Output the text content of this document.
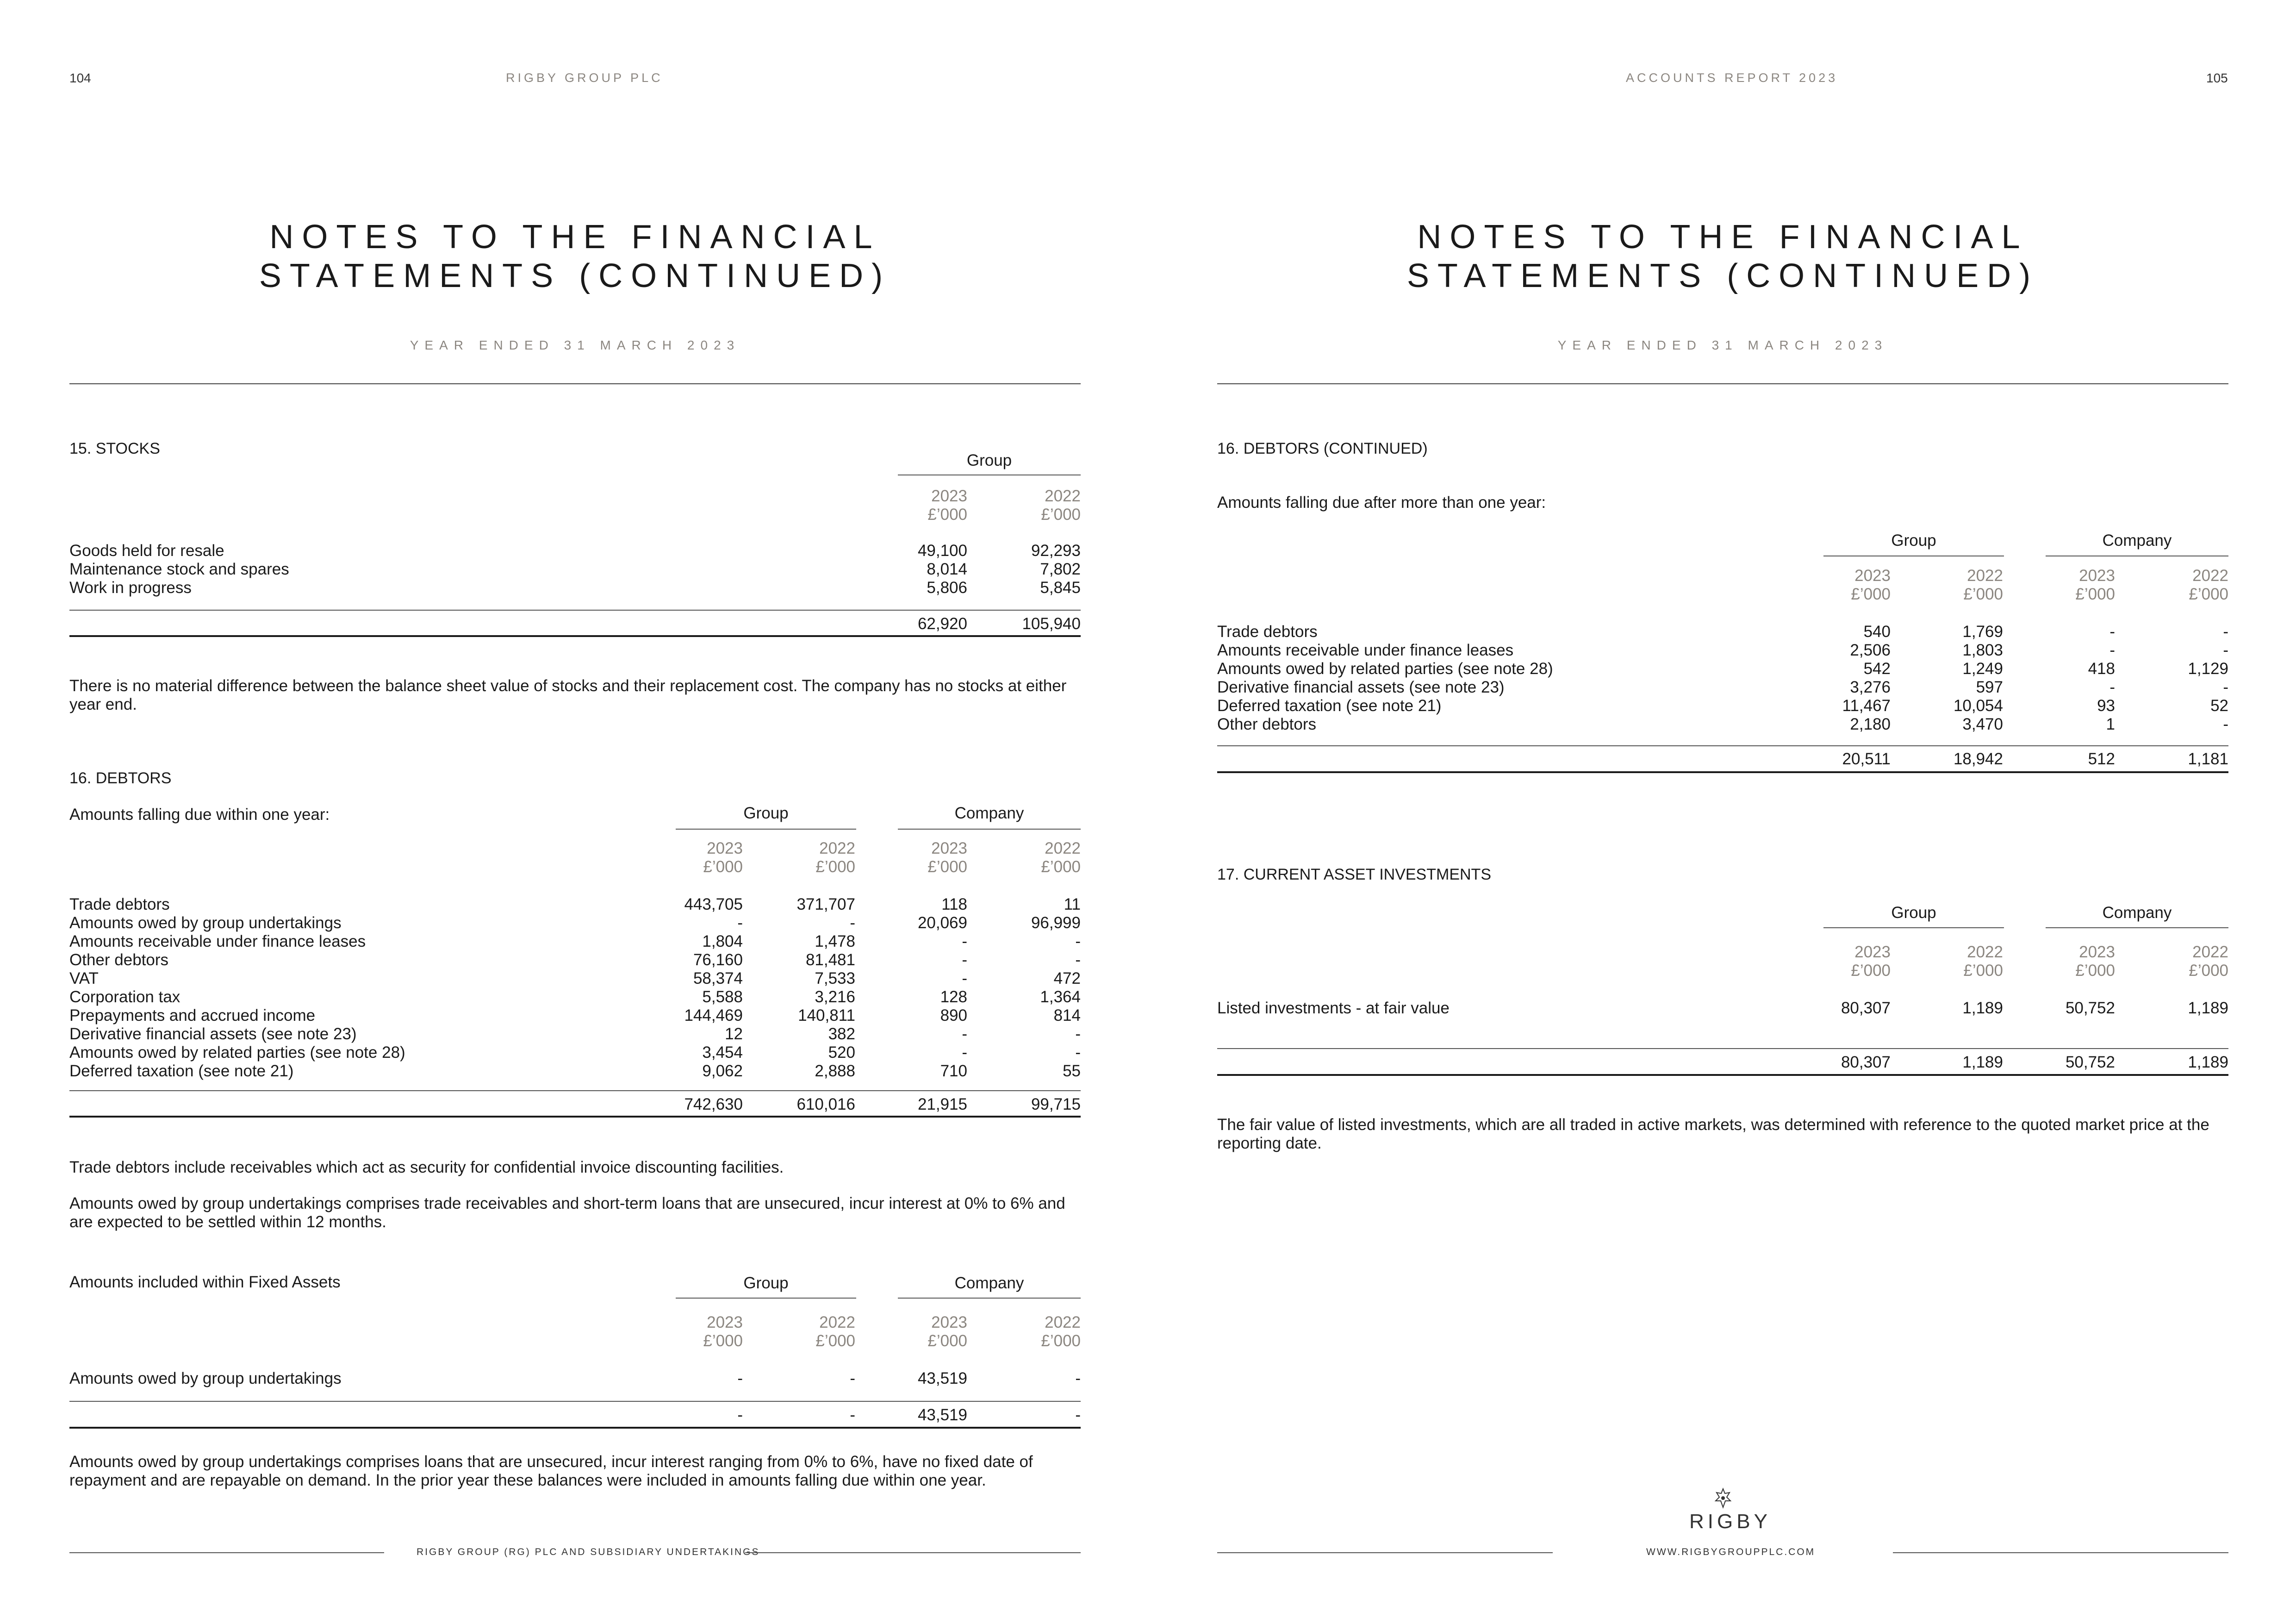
104	RIGBY GROUP PLC
NOTES TO THE FINANCIAL
STATEMENTS (CONTINUED)
YEAR ENDED 31 MARCH 2023
15. STOCKS
Group
2023
£’000
2022
£’000
Goods held for resale	49,100	92,293
Maintenance stock and spares	8,014	7,802
Work in progress	5,806	5,845
62,920	105,940
There is no material difference between the balance sheet value of stocks and their replacement cost. The company has no stocks at either year end.
16. DEBTORS
Amounts falling due within one year:	Group	Company
2023
£’000
2022
£’000
2023
£’000
2022
£’000
Trade debtors	443,705	371,707	118	11
Amounts owed by group undertakings	-	-	20,069	96,999
Amounts receivable under finance leases	1,804	1,478	-	-
Other debtors	76,160	81,481	-	-
VAT	58,374	7,533	-	472
Corporation tax	5,588	3,216	128	1,364
Prepayments and accrued income	144,469	140,811	890	814
Derivative financial assets (see note 23)	12	382	-	-
Amounts owed by related parties (see note 28)	3,454	520	-	-
Deferred taxation (see note 21)	9,062	2,888	710	55
742,630	610,016	21,915	99,715
Trade debtors include receivables which act as security for confidential invoice discounting facilities.
Amounts owed by group undertakings comprises trade receivables and short-term loans that are unsecured, incur interest at 0% to 6% and are expected to be settled within 12 months.
Amounts included within Fixed Assets	Group	Company
2023
£’000
2022
£’000
2023
£’000
2022
£’000
Amounts owed by group undertakings	-	-	43,519	-
-	-	43,519	-
Amounts owed by group undertakings comprises loans that are unsecured, incur interest ranging from 0% to 6%, have no fixed date of repayment and are repayable on demand. In the prior year these balances were included in amounts falling due within one year.
RIGBY GROUP (RG) PLC AND SUBSIDIARY UNDERTAKINGS
ACCOUNTS REPORT 2023	105
NOTES TO THE FINANCIAL
STATEMENTS (CONTINUED)
YEAR ENDED 31 MARCH 2023
16. DEBTORS (CONTINUED)
Amounts falling due after more than one year:
Group	Company
2023
£’000
2022
£’000
2023
£’000
2022
£’000
Trade debtors	540	1,769	-	-
Amounts receivable under finance leases	2,506	1,803	-	-
Amounts owed by related parties (see note 28)	542	1,249	418	1,129
Derivative financial assets (see note 23)	3,276	597	-	-
Deferred taxation (see note 21)	11,467	10,054	93	52
Other debtors	2,180	3,470	1	-
20,511	18,942	512	1,181
17. CURRENT ASSET INVESTMENTS
Group	Company
2023
£’000
2022
£’000
2023
£’000
2022
£’000
Listed investments - at fair value	80,307	1,189	50,752	1,189
80,307	1,189	50,752	1,189
The fair value of listed investments, which are all traded in active markets, was determined with reference to the quoted market price at the reporting date.
RIGBY
WWW.RIGBYGROUPPLC.COM
